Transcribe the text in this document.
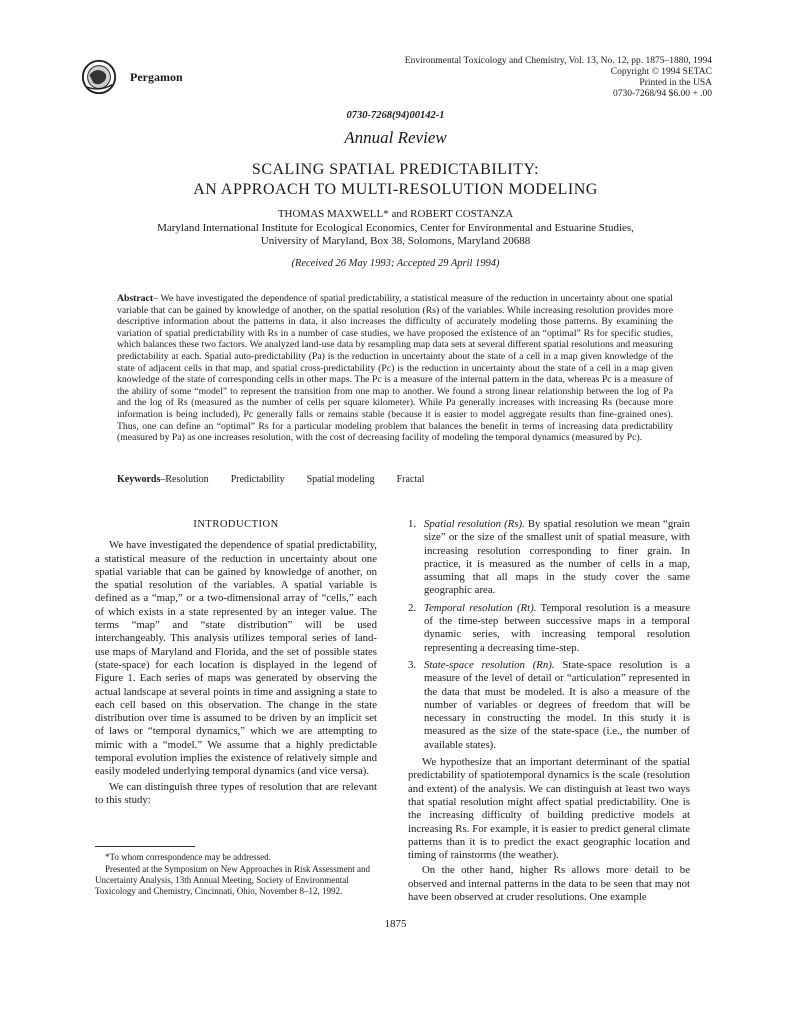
Pergamon
Environmental Toxicology and Chemistry, Vol. 13, No. 12, pp. 1875–1880, 1994
Copyright © 1994 SETAC
Printed in the USA
0730-7268/94 $6.00 + .00
0730-7268(94)00142-1
Annual Review
SCALING SPATIAL PREDICTABILITY:
AN APPROACH TO MULTI-RESOLUTION MODELING
THOMAS MAXWELL* and ROBERT COSTANZA
Maryland International Institute for Ecological Economics, Center for Environmental and Estuarine Studies,
University of Maryland, Box 38, Solomons, Maryland 20688
(Received 26 May 1993; Accepted 29 April 1994)
Abstract– We have investigated the dependence of spatial predictability, a statistical measure of the reduction in uncertainty about one spatial variable that can be gained by knowledge of another, on the spatial resolution (Rs) of the variables. While increasing resolution provides more descriptive information about the patterns in data, it also increases the difficulty of accurately modeling those patterns. By examining the variation of spatial predictability with Rs in a number of case studies, we have proposed the existence of an “optimal” Rs for specific studies, which balances these two factors. We analyzed land-use data by resampling map data sets at several different spatial resolutions and measuring predictability at each. Spatial auto-predictability (Pa) is the reduction in uncertainty about the state of a cell in a map given knowledge of the state of adjacent cells in that map, and spatial cross-predictability (Pc) is the reduction in uncertainty about the state of a cell in a map given knowledge of the state of corresponding cells in other maps. The Pc is a measure of the internal pattern in the data, whereas Pc is a measure of the ability of some “model” to represent the transition from one map to another. We found a strong linear relationship between the log of Pa and the log of Rs (measured as the number of cells per square kilometer). While Pa generally increases with increasing Rs (because more information is being included), Pc generally falls or remains stable (because it is easier to model aggregate results than fine-grained ones). Thus, one can define an “optimal” Rs for a particular modeling problem that balances the benefit in terms of increasing data predictability (measured by Pa) as one increases resolution, with the cost of decreasing facility of modeling the temporal dynamics (measured by Pc).
Keywords–Resolution Predictability Spatial modeling Fractal
INTRODUCTION

We have investigated the dependence of spatial predictability, a statistical measure of the reduction in uncertainty about one spatial variable that can be gained by knowledge of another, on the spatial resolution of the variables. A spatial variable is defined as a “map,” or a two-dimensional array of “cells,” each of which exists in a state represented by an integer value. The terms “map” and “state distribution” will be used interchangeably. This analysis utilizes temporal series of land-use maps of Maryland and Florida, and the set of possible states (state-space) for each location is displayed in the legend of Figure 1. Each series of maps was generated by observing the actual landscape at several points in time and assigning a state to each cell based on this observation. The change in the state distribution over time is assumed to be driven by an implicit set of laws or “temporal dynamics,” which we are attempting to mimic with a “model.” We assume that a highly predictable temporal evolution implies the existence of relatively simple and easily modeled underlying temporal dynamics (and vice versa).

We can distinguish three types of resolution that are relevant to this study:

1. Spatial resolution (Rs). By spatial resolution we mean “grain size” or the size of the smallest unit of spatial measure, with increasing resolution corresponding to finer grain. In practice, it is measured as the number of cells in a map, assuming that all maps in the study cover the same geographic area.
2. Temporal resolution (Rt). Temporal resolution is a measure of the time-step between successive maps in a temporal dynamic series, with increasing temporal resolution representing a decreasing time-step.
3. State-space resolution (Rn). State-space resolution is a measure of the level of detail or “articulation” represented in the data that must be modeled. It is also a measure of the number of variables or degrees of freedom that will be necessary in constructing the model. In this study it is measured as the size of the state-space (i.e., the number of available states).

We hypothesize that an important determinant of the spatial predictability of spatiotemporal dynamics is the scale (resolution and extent) of the analysis. We can distinguish at least two ways that spatial resolution might affect spatial predictability. One is the increasing difficulty of building predictive models at increasing Rs. For example, it is easier to predict general climate patterns than it is to predict the exact geographic location and timing of rainstorms (the weather).

On the other hand, higher Rs allows more detail to be observed and internal patterns in the data to be seen that may not have been observed at cruder resolutions. One example

*To whom correspondence may be addressed.

Presented at the Symposium on New Approaches in Risk Assessment and Uncertainty Analysis, 13th Annual Meeting, Society of Environmental Toxicology and Chemistry, Cincinnati, Ohio, November 8–12, 1992.

1875
